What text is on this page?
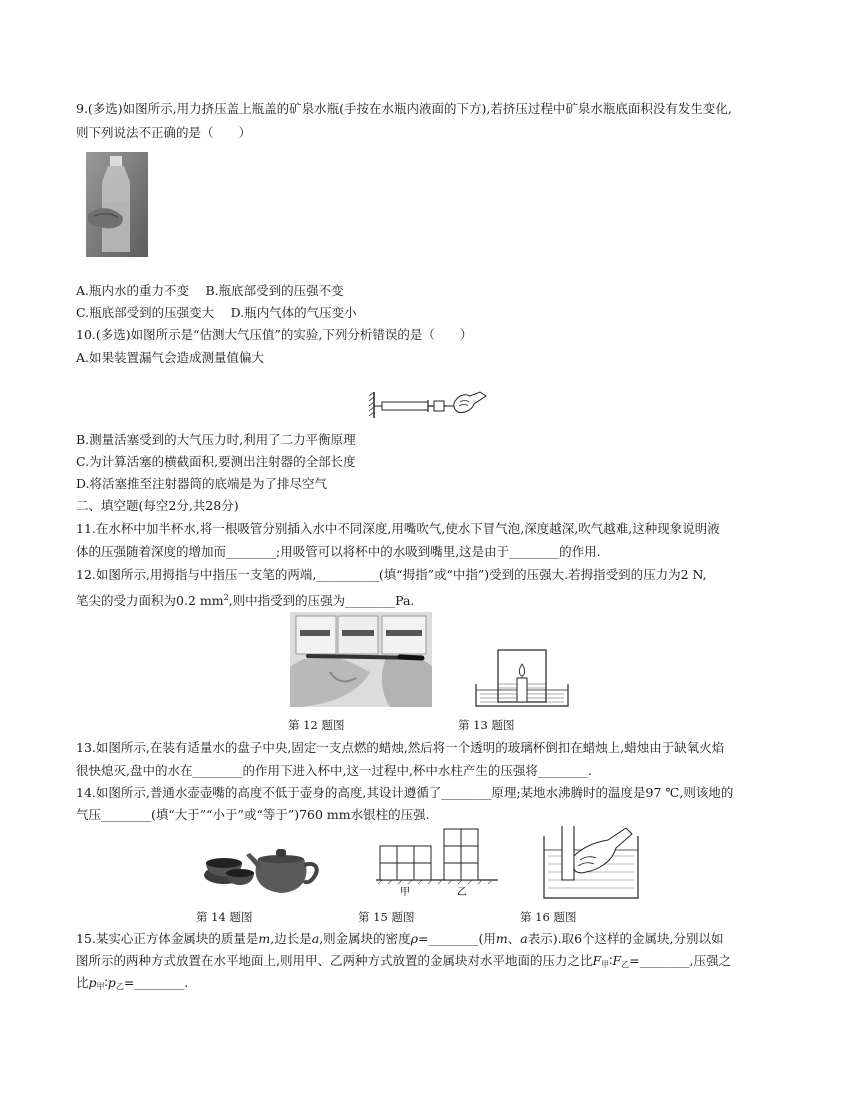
9.(多选)如图所示,用力挤压盖上瓶盖的矿泉水瓶(手按在水瓶内液面的下方),若挤压过程中矿泉水瓶底面积没有发生变化,
则下列说法不正确的是（　　）
A.瓶内水的重力不变　 B.瓶底部受到的压强不变
C.瓶底部受到的压强变大　 D.瓶内气体的气压变小
10.(多选)如图所示是“估测大气压值”的实验,下列分析错误的是（　　）
A.如果装置漏气会造成测量值偏大
B.测量活塞受到的大气压力时,利用了二力平衡原理
C.为计算活塞的横截面积,要测出注射器的全部长度
D.将活塞推至注射器筒的底端是为了排尽空气
二、填空题(每空2分,共28分)
11.在水杯中加半杯水,将一根吸管分别插入水中不同深度,用嘴吹气,使水下冒气泡,深度越深,吹气越难,这种现象说明液
体的压强随着深度的增加而________;用吸管可以将杯中的水吸到嘴里,这是由于________的作用.
12.如图所示,用拇指与中指压一支笔的两端,__________(填“拇指”或“中指”)受到的压强大.若拇指受到的压力为2 N,
笔尖的受力面积为0.2 $mm^2$,则中指受到的压强为________Pa.
第 12 题图	第 13 题图
13.如图所示,在装有适量水的盘子中央,固定一支点燃的蜡烛,然后将一个透明的玻璃杯倒扣在蜡烛上,蜡烛由于缺氧火焰
很快熄灭,盘中的水在________的作用下进入杯中,这一过程中,杯中水柱产生的压强将________.
14.如图所示,普通水壶壶嘴的高度不低于壶身的高度,其设计遵循了________原理;某地水沸腾时的温度是97 ℃,则该地的
气压________(填“大于”“小于”或“等于”)760 mm水银柱的压强.
甲	乙
第 14 题图	第 15 题图	第 16 题图
15.某实心正方体金属块的质量是m,边长是a,则金属块的密度ρ=________(用m、a表示).取6个这样的金属块,分别以如
图所示的两种方式放置在水平地面上,则用甲、乙两种方式放置的金属块对水平地面的压力之比$F_甲∶F_乙=\_\_\_\_\_\_\_\_$,压强之
比$p_甲∶p_乙=\_\_\_\_\_\_\_\_$.
